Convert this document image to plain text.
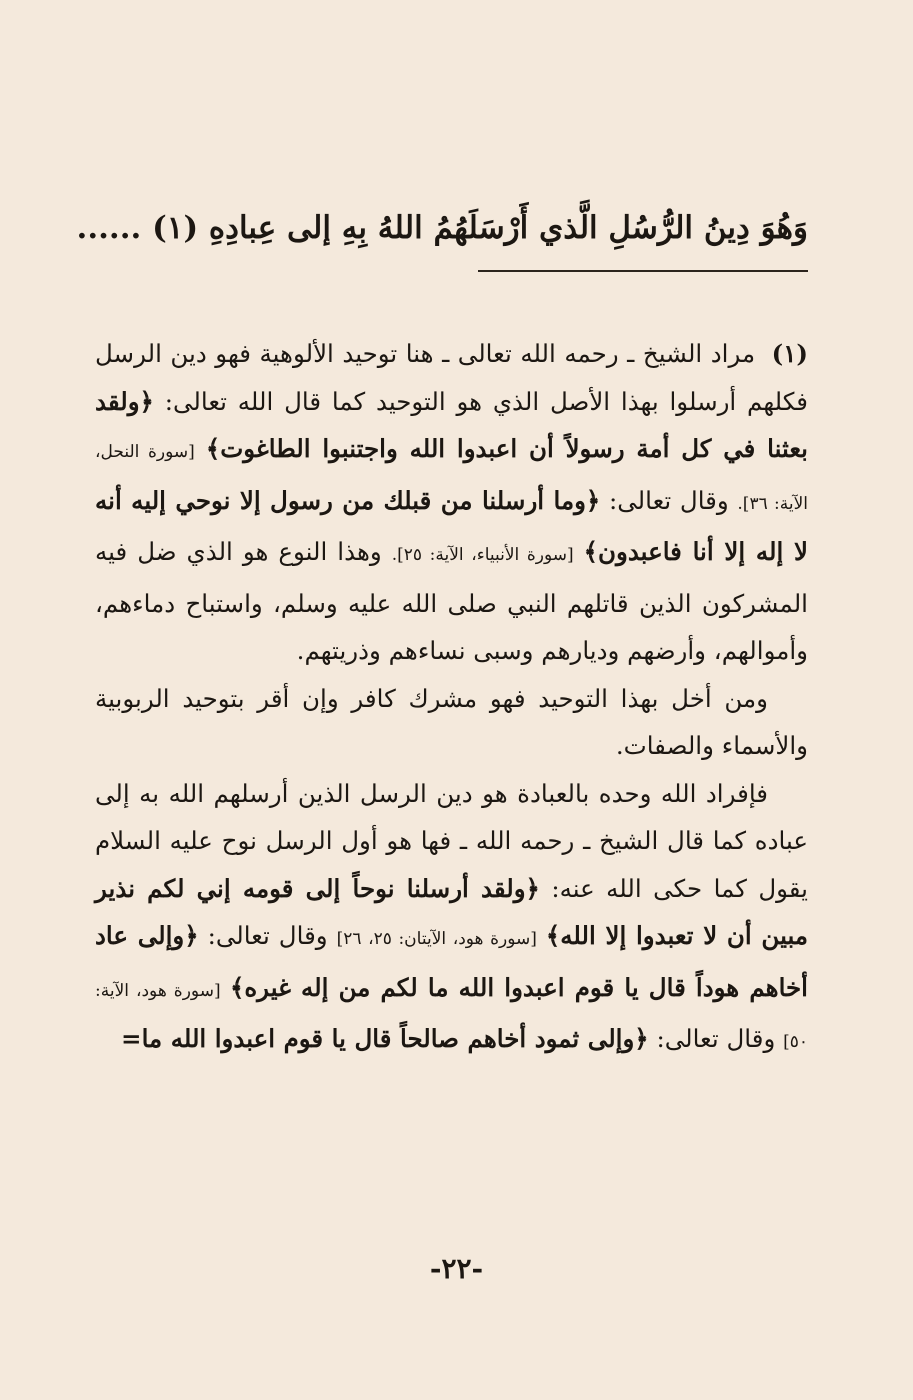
وَهُوَ دِينُ الرُّسُلِ الَّذي أَرْسَلَهُمُ اللهُ بِهِ إلى عِبادِهِ (١) ......

(١) مراد الشيخ ـ رحمه الله تعالى ـ هنا توحيد الألوهية فهو دين الرسل فكلهم أرسلوا بهذا الأصل الذي هو التوحيد كما قال الله تعالى: ﴿ولقد بعثنا في كل أمة رسولاً أن اعبدوا الله واجتنبوا الطاغوت﴾ [سورة النحل، الآية: ٣٦]. وقال تعالى: ﴿وما أرسلنا من قبلك من رسول إلا نوحي إليه أنه لا إله إلا أنا فاعبدون﴾ [سورة الأنبياء، الآية: ٢٥]. وهذا النوع هو الذي ضل فيه المشركون الذين قاتلهم النبي صلى الله عليه وسلم، واستباح دماءهم، وأموالهم، وأرضهم وديارهم وسبى نساءهم وذريتهم.

ومن أخل بهذا التوحيد فهو مشرك كافر وإن أقر بتوحيد الربوبية والأسماء والصفات.

فإفراد الله وحده بالعبادة هو دين الرسل الذين أرسلهم الله به إلى عباده كما قال الشيخ ـ رحمه الله ـ فها هو أول الرسل نوح عليه السلام يقول كما حكى الله عنه: ﴿ولقد أرسلنا نوحاً إلى قومه إني لكم نذير مبين أن لا تعبدوا إلا الله﴾ [سورة هود، الآيتان: ٢٥، ٢٦] وقال تعالى: ﴿وإلى عاد أخاهم هوداً قال يا قوم اعبدوا الله ما لكم من إله غيره﴾ [سورة هود، الآية: ٥٠] وقال تعالى: ﴿وإلى ثمود أخاهم صالحاً قال يا قوم اعبدوا الله ما=

-٢٢-
